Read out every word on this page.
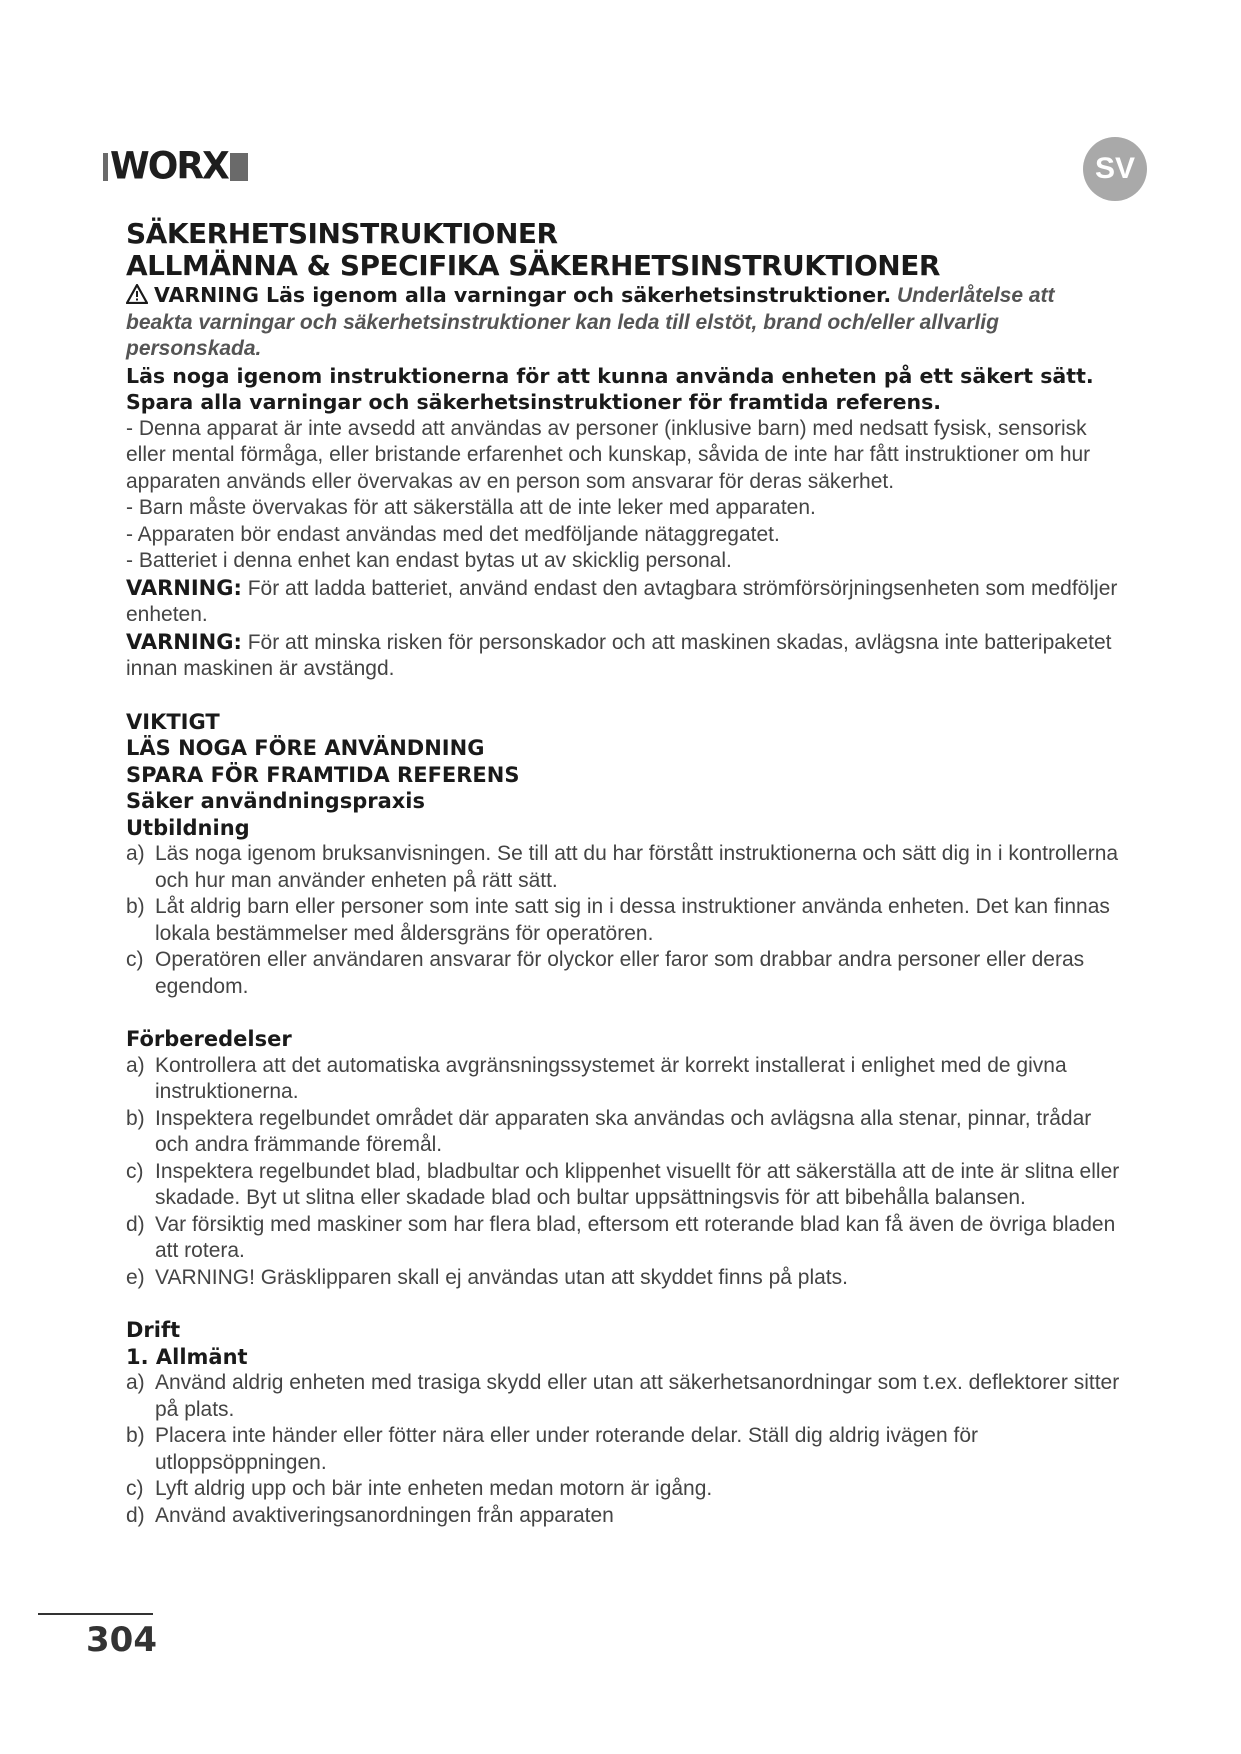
WORX	SV
SÄKERHETSINSTRUKTIONER
ALLMÄNNA & SPECIFIKA SÄKERHETSINSTRUKTIONER
VARNING Läs igenom alla varningar och säkerhetsinstruktioner. Underlåtelse att beakta varningar och säkerhetsinstruktioner kan leda till elstöt, brand och/eller allvarlig personskada.
Läs noga igenom instruktionerna för att kunna använda enheten på ett säkert sätt.
Spara alla varningar och säkerhetsinstruktioner för framtida referens.
- Denna apparat är inte avsedd att användas av personer (inklusive barn) med nedsatt fysisk, sensorisk eller mental förmåga, eller bristande erfarenhet och kunskap, såvida de inte har fått instruktioner om hur apparaten används eller övervakas av en person som ansvarar för deras säkerhet.
- Barn måste övervakas för att säkerställa att de inte leker med apparaten.
- Apparaten bör endast användas med det medföljande nätaggregatet.
- Batteriet i denna enhet kan endast bytas ut av skicklig personal.
VARNING: För att ladda batteriet, använd endast den avtagbara strömförsörjningsenheten som medföljer enheten.
VARNING: För att minska risken för personskador och att maskinen skadas, avlägsna inte batteripaketet innan maskinen är avstängd.
VIKTIGT
LÄS NOGA FÖRE ANVÄNDNING
SPARA FÖR FRAMTIDA REFERENS
Säker användningspraxis
Utbildning
a) Läs noga igenom bruksanvisningen. Se till att du har förstått instruktionerna och sätt dig in i kontrollerna och hur man använder enheten på rätt sätt.
b) Låt aldrig barn eller personer som inte satt sig in i dessa instruktioner använda enheten. Det kan finnas lokala bestämmelser med åldersgräns för operatören.
c) Operatören eller användaren ansvarar för olyckor eller faror som drabbar andra personer eller deras egendom.
Förberedelser
a) Kontrollera att det automatiska avgränsningssystemet är korrekt installerat i enlighet med de givna instruktionerna.
b) Inspektera regelbundet området där apparaten ska användas och avlägsna alla stenar, pinnar, trådar och andra främmande föremål.
c) Inspektera regelbundet blad, bladbultar och klippenhet visuellt för att säkerställa att de inte är slitna eller skadade. Byt ut slitna eller skadade blad och bultar uppsättningsvis för att bibehålla balansen.
d) Var försiktig med maskiner som har flera blad, eftersom ett roterande blad kan få även de övriga bladen att rotera.
e) VARNING! Gräsklipparen skall ej användas utan att skyddet finns på plats.
Drift
1. Allmänt
a) Använd aldrig enheten med trasiga skydd eller utan att säkerhetsanordningar som t.ex. deflektorer sitter på plats.
b) Placera inte händer eller fötter nära eller under roterande delar. Ställ dig aldrig ivägen för utloppsöppningen.
c) Lyft aldrig upp och bär inte enheten medan motorn är igång.
d) Använd avaktiveringsanordningen från apparaten
304
